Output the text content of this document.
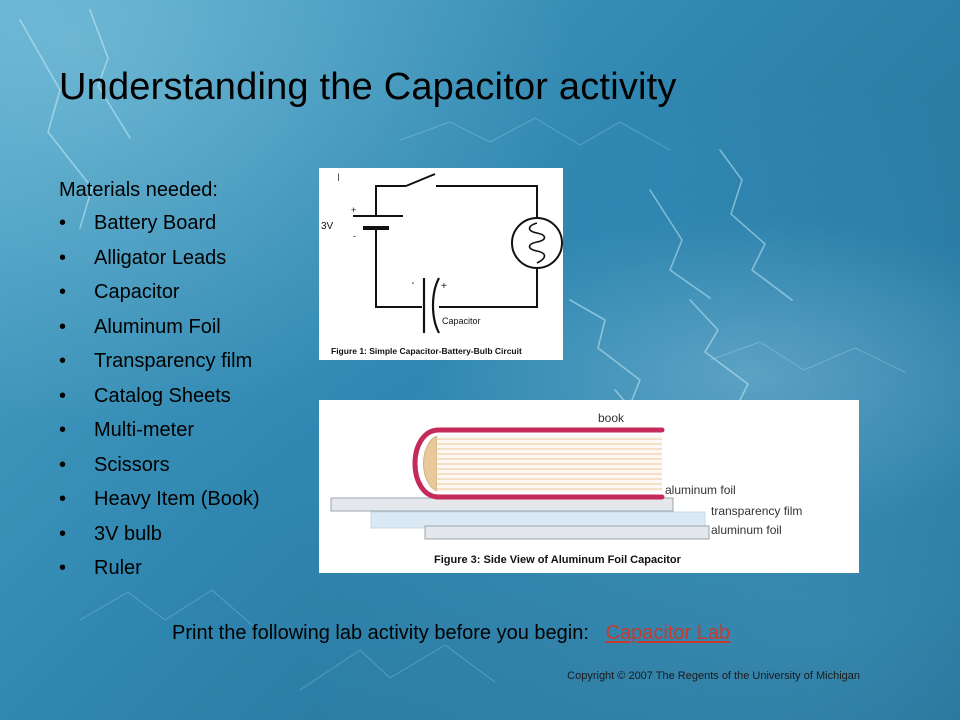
Understanding the Capacitor activity
Materials needed:
• Battery Board
• Alligator Leads
• Capacitor
• Aluminum Foil
• Transparency film
• Catalog Sheets
• Multi-meter
• Scissors
• Heavy Item (Book)
• 3V bulb
• Ruler
I
3V
+
-
'	+
Capacitor
Figure 1: Simple Capacitor-Battery-Bulb Circuit
book
aluminum foil
transparency film
aluminum foil
Figure 3: Side View of Aluminum Foil Capacitor
Print the following lab activity before you begin: Capacitor Lab
Copyright © 2007 The Regents of the University of Michigan
